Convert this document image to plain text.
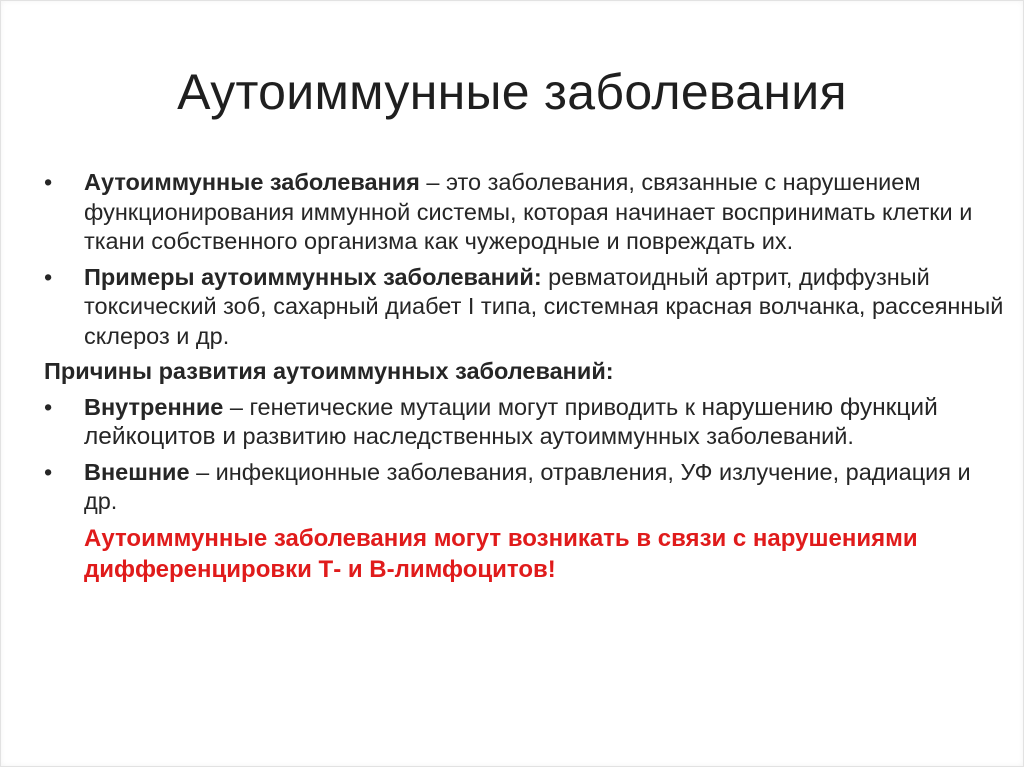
Аутоиммунные заболевания
•	Аутоиммунные заболевания – это заболевания, связанные с нарушением функционирования иммунной системы, которая начинает воспринимать клетки и ткани собственного организма как чужеродные и повреждать их.
•	Примеры аутоиммунных заболеваний: ревматоидный артрит, диффузный токсический зоб, сахарный диабет I типа, системная красная волчанка, рассеянный склероз и др.
Причины развития аутоиммунных заболеваний:
•	Внутренние – генетические мутации могут приводить к нарушению функций лейкоцитов и развитию наследственных аутоиммунных заболеваний.
•	Внешние – инфекционные заболевания, отравления, УФ излучение, радиация и др.
Аутоиммунные заболевания могут возникать в связи с нарушениями дифференцировки Т- и В-лимфоцитов!
